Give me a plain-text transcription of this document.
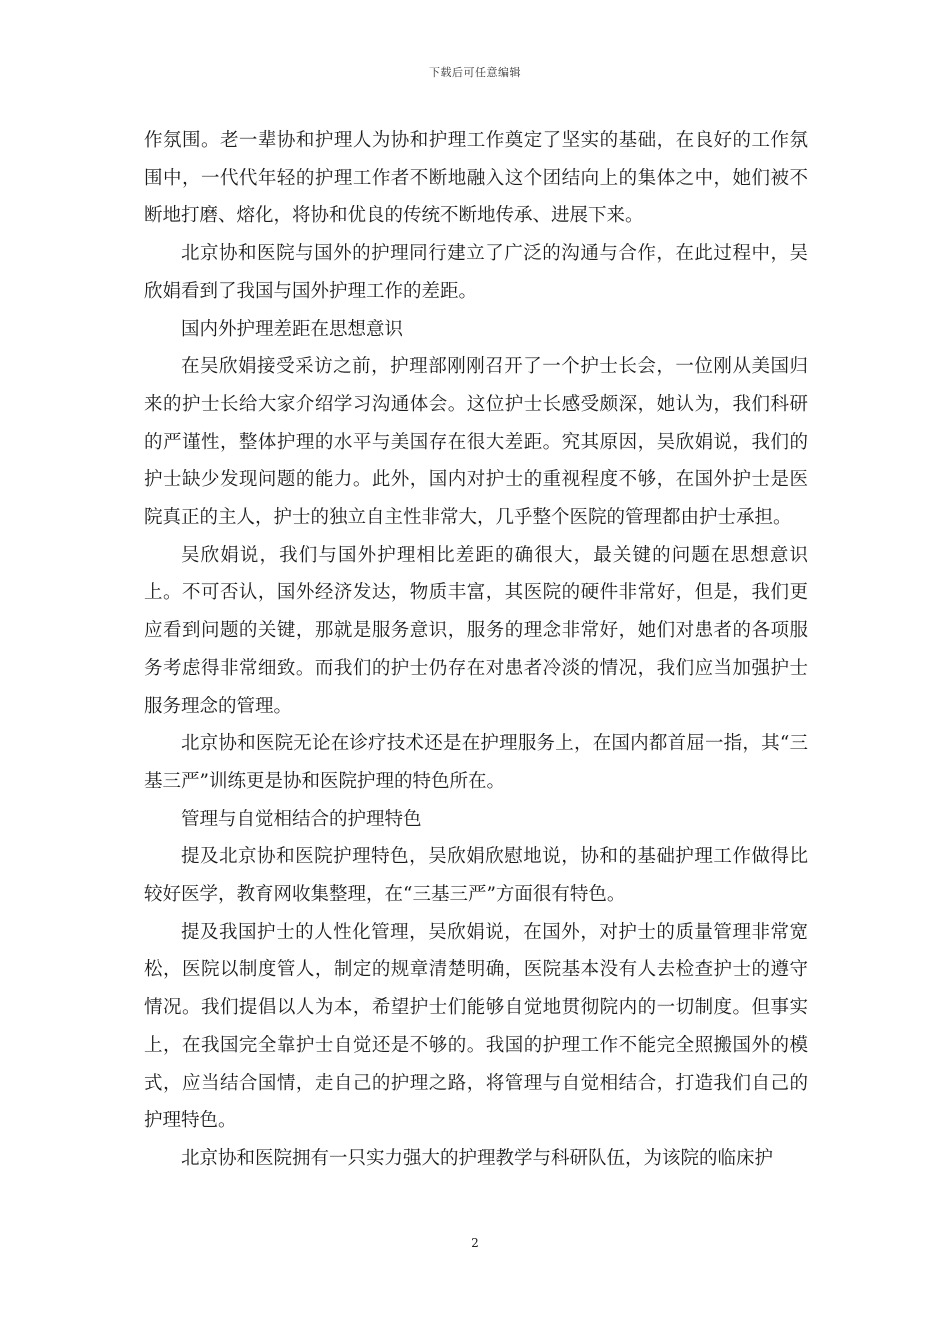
下载后可任意编辑

作氛围。老一辈协和护理人为协和护理工作奠定了坚实的基础，在良好的工作氛围中，一代代年轻的护理工作者不断地融入这个团结向上的集体之中，她们被不断地打磨、熔化，将协和优良的传统不断地传承、进展下来。

北京协和医院与国外的护理同行建立了广泛的沟通与合作，在此过程中，吴欣娟看到了我国与国外护理工作的差距。

国内外护理差距在思想意识

在吴欣娟接受采访之前，护理部刚刚召开了一个护士长会，一位刚从美国归来的护士长给大家介绍学习沟通体会。这位护士长感受颇深，她认为，我们科研的严谨性，整体护理的水平与美国存在很大差距。究其原因，吴欣娟说，我们的护士缺少发现问题的能力。此外，国内对护士的重视程度不够，在国外护士是医院真正的主人，护士的独立自主性非常大，几乎整个医院的管理都由护士承担。

吴欣娟说，我们与国外护理相比差距的确很大，最关键的问题在思想意识上。不可否认，国外经济发达，物质丰富，其医院的硬件非常好，但是，我们更应看到问题的关键，那就是服务意识，服务的理念非常好，她们对患者的各项服务考虑得非常细致。而我们的护士仍存在对患者冷淡的情况，我们应当加强护士服务理念的管理。

北京协和医院无论在诊疗技术还是在护理服务上，在国内都首屈一指，其“三基三严”训练更是协和医院护理的特色所在。

管理与自觉相结合的护理特色

提及北京协和医院护理特色，吴欣娟欣慰地说，协和的基础护理工作做得比较好医学，教育网收集整理，在“三基三严”方面很有特色。

提及我国护士的人性化管理，吴欣娟说，在国外，对护士的质量管理非常宽松，医院以制度管人，制定的规章清楚明确，医院基本没有人去检查护士的遵守情况。我们提倡以人为本，希望护士们能够自觉地贯彻院内的一切制度。但事实上，在我国完全靠护士自觉还是不够的。我国的护理工作不能完全照搬国外的模式，应当结合国情，走自己的护理之路，将管理与自觉相结合，打造我们自己的护理特色。

北京协和医院拥有一只实力强大的护理教学与科研队伍，为该院的临床护

2
